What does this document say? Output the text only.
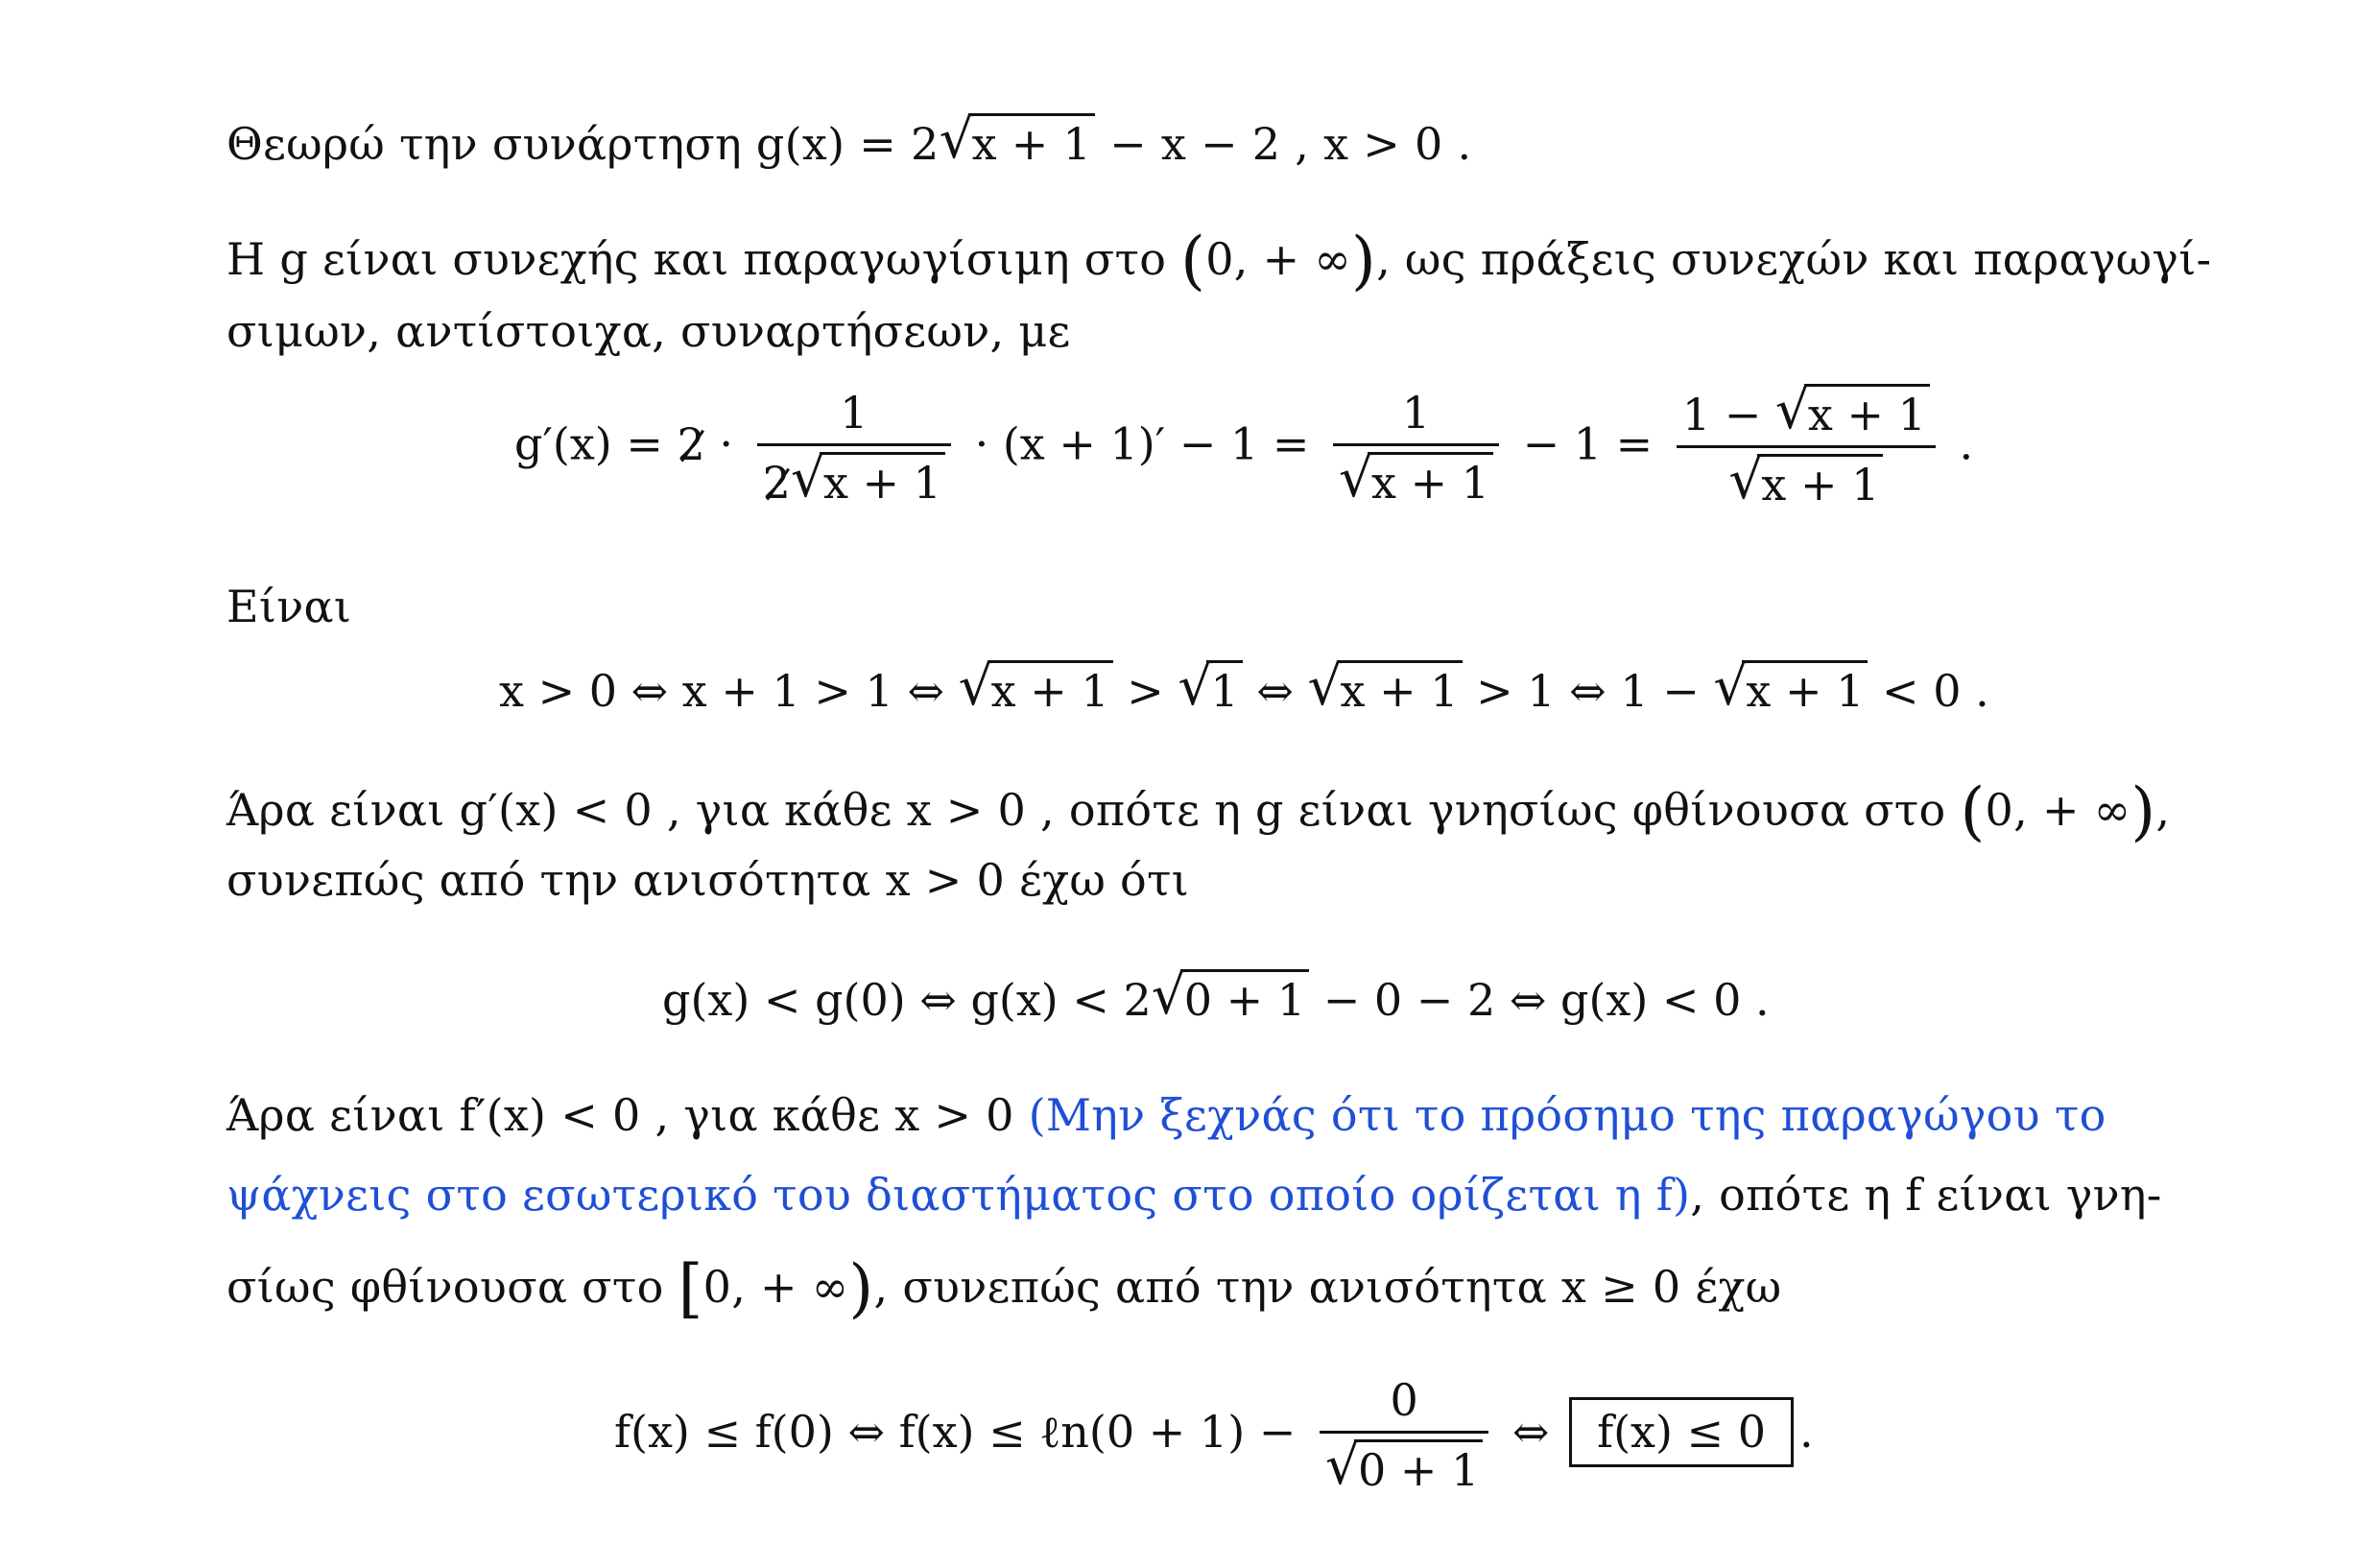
Θεωρώ την συνάρτηση g(x) = 2 √ x + 1 − x − 2 , x > 0 .
Η g είναι συνεχής και παραγωγίσιμη στο (0, + ∞), ως πράξεις συνεχών και παραγωγί-
σιμων, αντίστοιχα, συναρτήσεων, με
$g'(x) = 2 \cdot \frac{1}{2 √ x + 1} \cdot (x + 1)' - 1 = 1$
√ x + 1 − 1 = 1 − √ x + 1
√ x + 1 .
Είναι
x > 0 ⇔ x + 1 > 1 ⇔ √ x + 1 > √ 1 ⇔ √ x + 1 > 1 ⇔ 1 − √ x + 1 < 0 .
Άρα είναι g′(x) < 0 , για κάθε x > 0 , οπότε η g είναι γνησίως φθίνουσα στο (0, + ∞),
συνεπώς από την ανισότητα x > 0 έχω ότι
g(x) < g(0) ⇔ g(x) < 2 √ 0 + 1 − 0 − 2 ⇔ g(x) < 0 .
Άρα είναι f′(x) < 0 , για κάθε x > 0 (Μην ξεχνάς ότι το πρόσημο της παραγώγου το
ψάχνεις στο εσωτερικό του διαστήματος στο οποίο ορίζεται η f), οπότε η f είναι γνη-
σίως φθίνουσα στο [0, + ∞), συνεπώς από την ανισότητα x ≥ 0 έχω
f(x) ≤ f(0) ⇔ f(x) ≤ ℓn(0 + 1) − 0
√ 0 + 1 ⇔ f(x) ≤ 0 .
